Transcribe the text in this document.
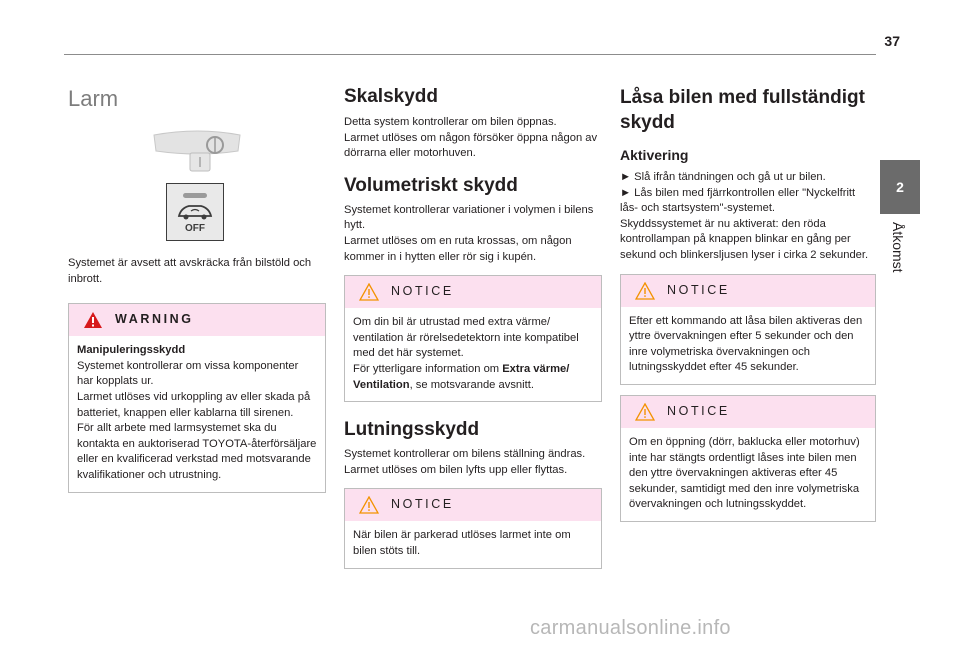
37
2
Åtkomst
Larm
OFF

Systemet är avsett att avskräcka från bilstöld och inbrott.

WARNING
Manipuleringsskydd
Systemet kontrollerar om vissa komponenter har kopplats ur.
Larmet utlöses vid urkoppling av eller skada på batteriet, knappen eller kablarna till sirenen.
För allt arbete med larmsystemet ska du kontakta en auktoriserad TOYOTA-återförsäljare eller en kvalificerad verkstad med motsvarande kvalifikationer och utrustning.
Skalskydd

Detta system kontrollerar om bilen öppnas.
Larmet utlöses om någon försöker öppna någon av dörrarna eller motorhuven.

Volumetriskt skydd

Systemet kontrollerar variationer i volymen i bilens hytt.
Larmet utlöses om en ruta krossas, om någon kommer in i hytten eller rör sig i kupén.

NOTICE
Om din bil är utrustad med extra värme/ ventilation är rörelsedetektorn inte kompatibel med det här systemet.
För ytterligare information om Extra värme/ Ventilation, se motsvarande avsnitt.
Lutningsskydd

Systemet kontrollerar om bilens ställning ändras.
Larmet utlöses om bilen lyfts upp eller flyttas.

NOTICE
När bilen är parkerad utlöses larmet inte om bilen stöts till.
Låsa bilen med fullständigt skydd
Aktivering

► Slå ifrån tändningen och gå ut ur bilen.

► Lås bilen med fjärrkontrollen eller "Nyckelfritt lås- och startsystem"-systemet.

Skyddssystemet är nu aktiverat: den röda kontrollampan på knappen blinkar en gång per sekund och blinkersljusen lyser i cirka 2 sekunder.

NOTICE
Efter ett kommando att låsa bilen aktiveras den yttre övervakningen efter 5 sekunder och den inre volymetriska övervakningen och lutningsskyddet efter 45 sekunder.
NOTICE
Om en öppning (dörr, baklucka eller motorhuv) inte har stängts ordentligt låses inte bilen men den yttre övervakningen aktiveras efter 45 sekunder, samtidigt med den inre volymetriska övervakningen och lutningsskyddet.
carmanualsonline.info
